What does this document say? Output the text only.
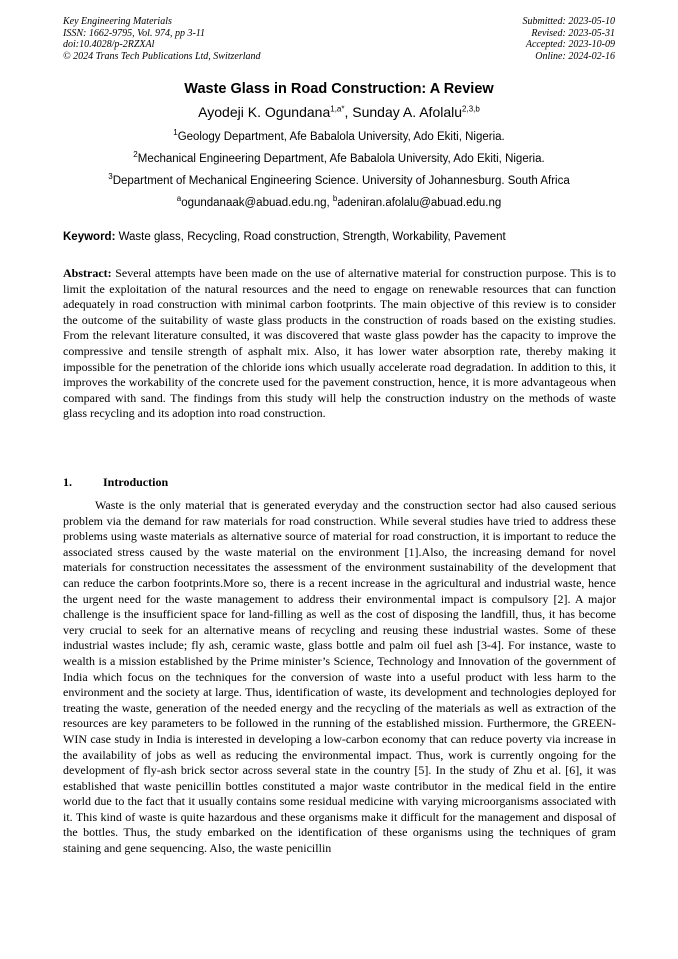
Key Engineering Materials
ISSN: 1662-9795, Vol. 974, pp 3-11
doi:10.4028/p-2RZXAl
© 2024 Trans Tech Publications Ltd, Switzerland
Submitted: 2023-05-10
Revised: 2023-05-31
Accepted: 2023-10-09
Online: 2024-02-16
Waste Glass in Road Construction: A Review
Ayodeji K. Ogundana$^{1,a*}$, Sunday A. Afolalu$^{2,3,b}$
$^1$Geology Department, Afe Babalola University, Ado Ekiti, Nigeria.
$^2$Mechanical Engineering Department, Afe Babalola University, Ado Ekiti, Nigeria.
$^3$Department of Mechanical Engineering Science. University of Johannesburg. South Africa
$^a$ogundanaak@abuad.edu.ng, $^b$adeniran.afolalu@abuad.edu.ng
Keyword: Waste glass, Recycling, Road construction, Strength, Workability, Pavement
Abstract: Several attempts have been made on the use of alternative material for construction purpose. This is to limit the exploitation of the natural resources and the need to engage on renewable resources that can function adequately in road construction with minimal carbon footprints. The main objective of this review is to consider the outcome of the suitability of waste glass products in the construction of roads based on the existing studies. From the relevant literature consulted, it was discovered that waste glass powder has the capacity to improve the compressive and tensile strength of asphalt mix. Also, it has lower water absorption rate, thereby making it impossible for the penetration of the chloride ions which usually accelerate road degradation. In addition to this, it improves the workability of the concrete used for the pavement construction, hence, it is more advantageous when compared with sand. The findings from this study will help the construction industry on the methods of waste glass recycling and its adoption into road construction.
1.	Introduction

Waste is the only material that is generated everyday and the construction sector had also caused serious problem via the demand for raw materials for road construction. While several studies have tried to address these problems using waste materials as alternative source of material for road construction, it is important to reduce the associated stress caused by the waste material on the environment [1].Also, the increasing demand for novel materials for construction necessitates the assessment of the environment sustainability of the development that can reduce the carbon footprints.More so, there is a recent increase in the agricultural and industrial waste, hence the urgent need for the waste management to address their environmental impact is compulsory [2]. A major challenge is the insufficient space for land-filling as well as the cost of disposing the landfill, thus, it has become very crucial to seek for an alternative means of recycling and reusing these industrial wastes. Some of these industrial wastes include; fly ash, ceramic waste, glass bottle and palm oil fuel ash [3-4]. For instance, waste to wealth is a mission established by the Prime minister’s Science, Technology and Innovation of the government of India which focus on the techniques for the conversion of waste into a useful product with less harm to the environment and the society at large. Thus, identification of waste, its development and technologies deployed for treating the waste, generation of the needed energy and the recycling of the materials as well as extraction of the resources are key parameters to be followed in the running of the established mission. Furthermore, the GREEN-WIN case study in India is interested in developing a low-carbon economy that can reduce poverty via increase in the availability of jobs as well as reducing the environmental impact. Thus, work is currently ongoing for the development of fly-ash brick sector across several state in the country [5]. In the study of Zhu et al. [6], it was established that waste penicillin bottles constituted a major waste contributor in the medical field in the entire world due to the fact that it usually contains some residual medicine with varying microorganisms associated with it. This kind of waste is quite hazardous and these organisms make it difficult for the management and disposal of the bottles. Thus, the study embarked on the identification of these organisms using the techniques of gram staining and gene sequencing. Also, the waste penicillin
